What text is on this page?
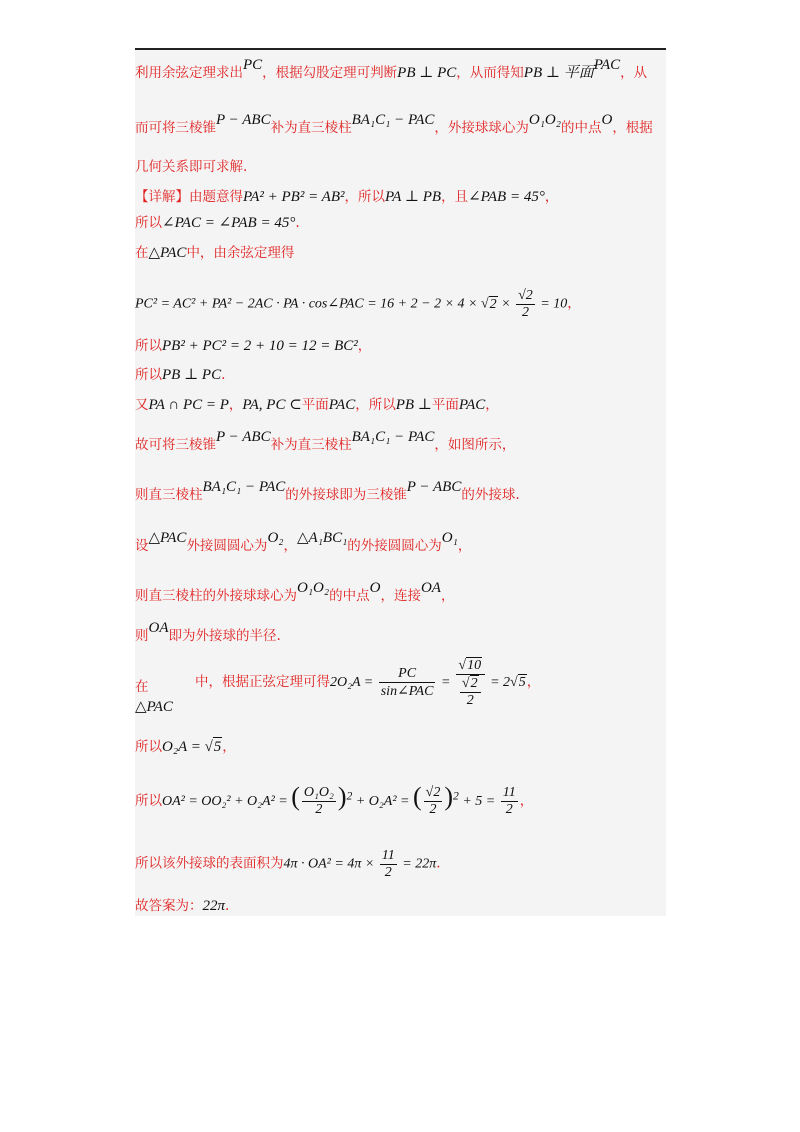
利用余弦定理求出PC，根据勾股定理可判断PB ⊥ PC，从而得知PB ⊥ 平面PAC，从
而可将三棱锥P − ABC补为直三棱柱BA₁C₁ − PAC，外接球球心为O₁O₂的中点O，根据
几何关系即可求解.
【详解】由题意得PA² + PB² = AB²，所以PA ⊥ PB，且∠PAB = 45°，
所以∠PAC = ∠PAB = 45°.
在△PAC中，由余弦定理得
PC² = AC² + PA² − 2AC · PA · cos∠PAC = $16 + 2 - 2 \times 4 \times √2 \times \frac{√2}{2} = 10$，
所以PB² + PC² = 2 + 10 = 12 = BC²，
所以PB ⊥ PC.
又PA ∩ PC = P，PA, PC ⊂平面PAC，所以PB ⊥平面PAC，
故可将三棱锥P − ABC补为直三棱柱BA₁C₁ − PAC，如图所示，
则直三棱柱BA₁C₁ − PAC的外接球即为三棱锥P − ABC的外接球.
设△PAC外接圆圆心为O₂，△A₁BC₁的外接圆圆心为O₁，
则直三棱柱的外接球球心为O₁O₂的中点O，连接OA，
则OA即为外接球的半径.
在
△PAC
中，根据正弦定理可得$2O_2A = \frac{PC}{\text{sin∠PAC}} = \frac{√10}{\frac{√2}{2}} = 2√5$，
所以O₂A = √5，
所以OA² = OO₂² + O₂A² = ( $\frac{\text{O₁O₂}}{2} )^2 + O_2A^2$ = ( $\frac{√2}{2} )^2 + 5 = \frac{11}{2}$ ，
所以该外接球的表面积为$4\pi \cdot OA^2 = 4\pi \times \frac{11}{2} = 22\pi$.
故答案为：22π.
